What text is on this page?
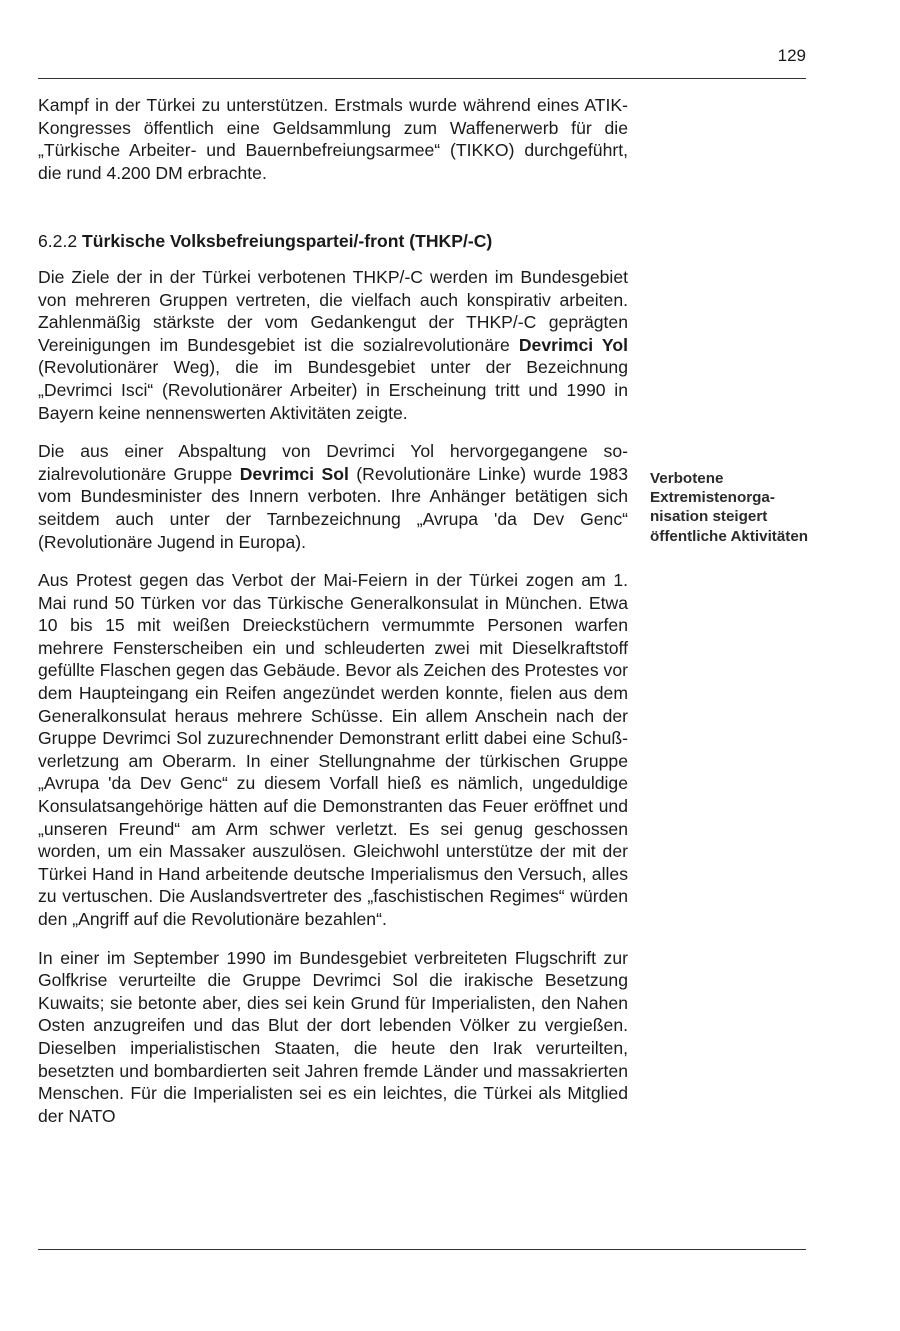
129

Kampf in der Türkei zu unterstützen. Erstmals wurde während eines ATIK-Kongresses öffentlich eine Geldsammlung zum Waffenerwerb für die „Türkische Arbeiter- und Bauernbefreiungsarmee“ (TIKKO) durchgeführt, die rund 4.200 DM erbrachte.

6.2.2 Türkische Volksbefreiungspartei/-front (THKP/-C)

Die Ziele der in der Türkei verbotenen THKP/-C werden im Bundesgebiet von mehreren Gruppen vertreten, die vielfach auch konspirativ arbeiten. Zahlenmäßig stärkste der vom Gedankengut der THKP/-C geprägten Vereinigungen im Bundesgebiet ist die sozialrevolutionäre Devrimci Yol (Revolutionärer Weg), die im Bundesgebiet unter der Bezeichnung „Devrimci Isci“ (Revolutionärer Arbeiter) in Erscheinung tritt und 1990 in Bayern keine nennenswerten Aktivitäten zeigte.

Die aus einer Abspaltung von Devrimci Yol hervorgegangene sozialrevolutionäre Gruppe Devrimci Sol (Revolutionäre Linke) wurde 1983 vom Bundesminister des Innern verboten. Ihre Anhänger betätigen sich seitdem auch unter der Tarnbezeichnung „Avrupa 'da Dev Genc“ (Revolutionäre Jugend in Europa).

Aus Protest gegen das Verbot der Mai-Feiern in der Türkei zogen am 1. Mai rund 50 Türken vor das Türkische Generalkonsulat in München. Etwa 10 bis 15 mit weißen Dreieckstüchern vermummte Personen warfen mehrere Fensterscheiben ein und schleuderten zwei mit Dieselkraftstoff gefüllte Flaschen gegen das Gebäude. Bevor als Zeichen des Protestes vor dem Haupteingang ein Reifen angezündet werden konnte, fielen aus dem Generalkonsulat heraus mehrere Schüsse. Ein allem Anschein nach der Gruppe Devrimci Sol zuzurechnender Demonstrant erlitt dabei eine Schußverletzung am Oberarm. In einer Stellungnahme der türkischen Gruppe „Avrupa 'da Dev Genc“ zu diesem Vorfall hieß es nämlich, ungeduldige Konsulatsangehörige hätten auf die Demonstranten das Feuer eröffnet und „unseren Freund“ am Arm schwer verletzt. Es sei genug geschossen worden, um ein Massaker auszulösen. Gleichwohl unterstütze der mit der Türkei Hand in Hand arbeitende deutsche Imperialismus den Versuch, alles zu vertuschen. Die Auslandsvertreter des „faschistischen Regimes“ würden den „Angriff auf die Revolutionäre bezahlen“.

In einer im September 1990 im Bundesgebiet verbreiteten Flugschrift zur Golfkrise verurteilte die Gruppe Devrimci Sol die irakische Besetzung Kuwaits; sie betonte aber, dies sei kein Grund für Imperialisten, den Nahen Osten anzugreifen und das Blut der dort lebenden Völker zu vergießen. Dieselben imperialistischen Staaten, die heute den Irak verurteilten, besetzten und bombardierten seit Jahren fremde Länder und massakrierten Menschen. Für die Imperialisten sei es ein leichtes, die Türkei als Mitglied der NATO

Verbotene Extremistenorganisation steigert öffentliche Aktivitäten
